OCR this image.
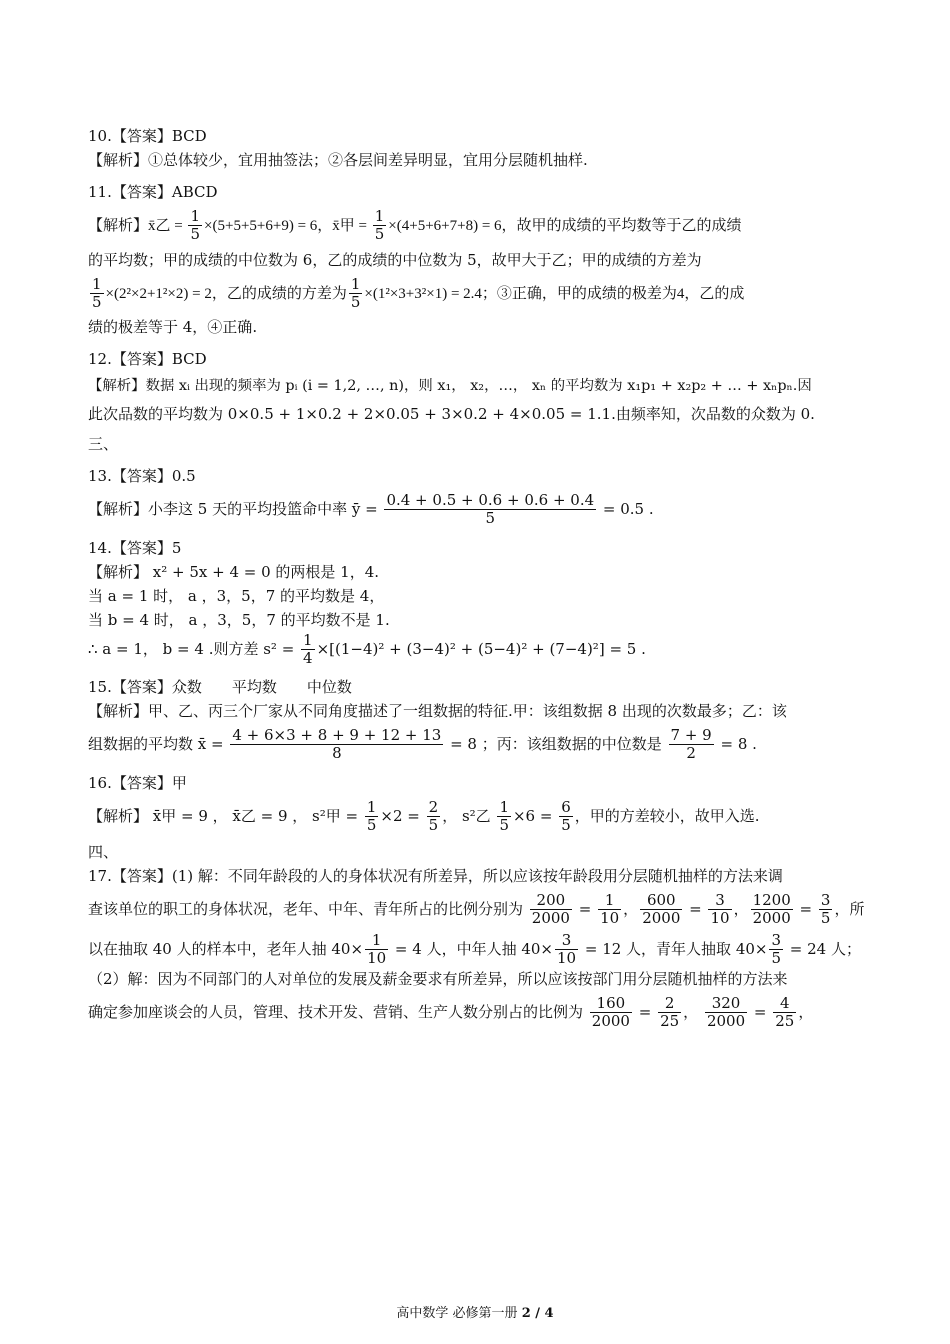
10.【答案】BCD
【解析】①总体较少，宜用抽签法；②各层间差异明显，宜用分层随机抽样.
11.【答案】ABCD
【解析】x̄乙 = $\frac{1}{5} \times(5+5+5+6+9) = 6$，x̄甲 = $\frac{1}{5} \times(4+5+6+7+8) = 6$，故甲的成绩的平均数等于乙的成绩
的平均数；甲的成绩的中位数为 6，乙的成绩的中位数为 5，故甲大于乙；甲的成绩的方差为
$\frac{1}{5} \times(2^2\times 2+1^2\times 2) = 2$，乙的成绩的方差为 $\frac{1}{5} \times(1^2\times 3+3^2\times 1) = 2.4$；③正确，甲的成绩的极差为4，乙的成
绩的极差等于 4，④正确.
12.【答案】BCD
【解析】数据 xᵢ 出现的频率为 pᵢ (i = 1,2, …, n)，则 x₁， x₂，…， xₙ 的平均数为 x₁p₁ + x₂p₂ + … + xₙpₙ.因
此次品数的平均数为 0×0.5 + 1×0.2 + 2×0.05 + 3×0.2 + 4×0.05 = 1.1.由频率知，次品数的众数为 0.
三、
13.【答案】0.5
【解析】小李这 5 天的平均投篮命中率 ȳ = $\frac{0.4 + 0.5 + 0.6 + 0.6 + 0.4}{5} = 0.5$ .
14.【答案】5
【解析】 x² + 5x + 4 = 0 的两根是 1，4.
当 a = 1 时， a ，3，5，7 的平均数是 4，
当 b = 4 时， a ，3，5，7 的平均数不是 1.
∴ a = 1， b = 4 .则方差 $s^2 = \frac{1}{4} \times[(1-4)^2 + (3-4)^2 + (5-4)^2 + (7-4)^2] = 5$ .
15.【答案】众数　　平均数　　中位数
【解析】甲、乙、丙三个厂家从不同角度描述了一组数据的特征.甲：该组数据 8 出现的次数最多；乙：该
组数据的平均数 x̄ = $\frac{4 + 6\times 3 + 8 + 9 + 12 + 13}{8} = 8$ ；丙：该组数据的中位数是 $\frac{7 + 9}{2} = 8$ .
16.【答案】甲
【解析】 x̄甲 = 9 ， x̄乙 = 9 ， s²甲 = $\frac{1}{5} \times 2 = \frac{2}{5}$ ， s²乙 $\frac{1}{5} \times 6 = \frac{6}{5}$ ，甲的方差较小，故甲入选.
四、
17.【答案】(1) 解：不同年龄段的人的身体状况有所差异，所以应该按年龄段用分层随机抽样的方法来调
查该单位的职工的身体状况，老年、中年、青年所占的比例分别为 $\frac{200}{2000} = \frac{1}{10}$ ， $\frac{600}{2000} = \frac{3}{10}$ ， $\frac{1200}{2000} = \frac{3}{5}$ ，所
以在抽取 40 人的样本中，老年人抽 $40\times \frac{1}{10} = 4$ 人，中年人抽 $40\times \frac{3}{10} = 12$ 人，青年人抽取 $40\times \frac{3}{5} = 24$ 人；
（2）解：因为不同部门的人对单位的发展及薪金要求有所差异，所以应该按部门用分层随机抽样的方法来
确定参加座谈会的人员，管理、技术开发、营销、生产人数分别占的比例为 $\frac{160}{2000} = \frac{2}{25}$ ， $\frac{320}{2000} = \frac{4}{25}$ ，
高中数学 必修第一册 2 / 4
